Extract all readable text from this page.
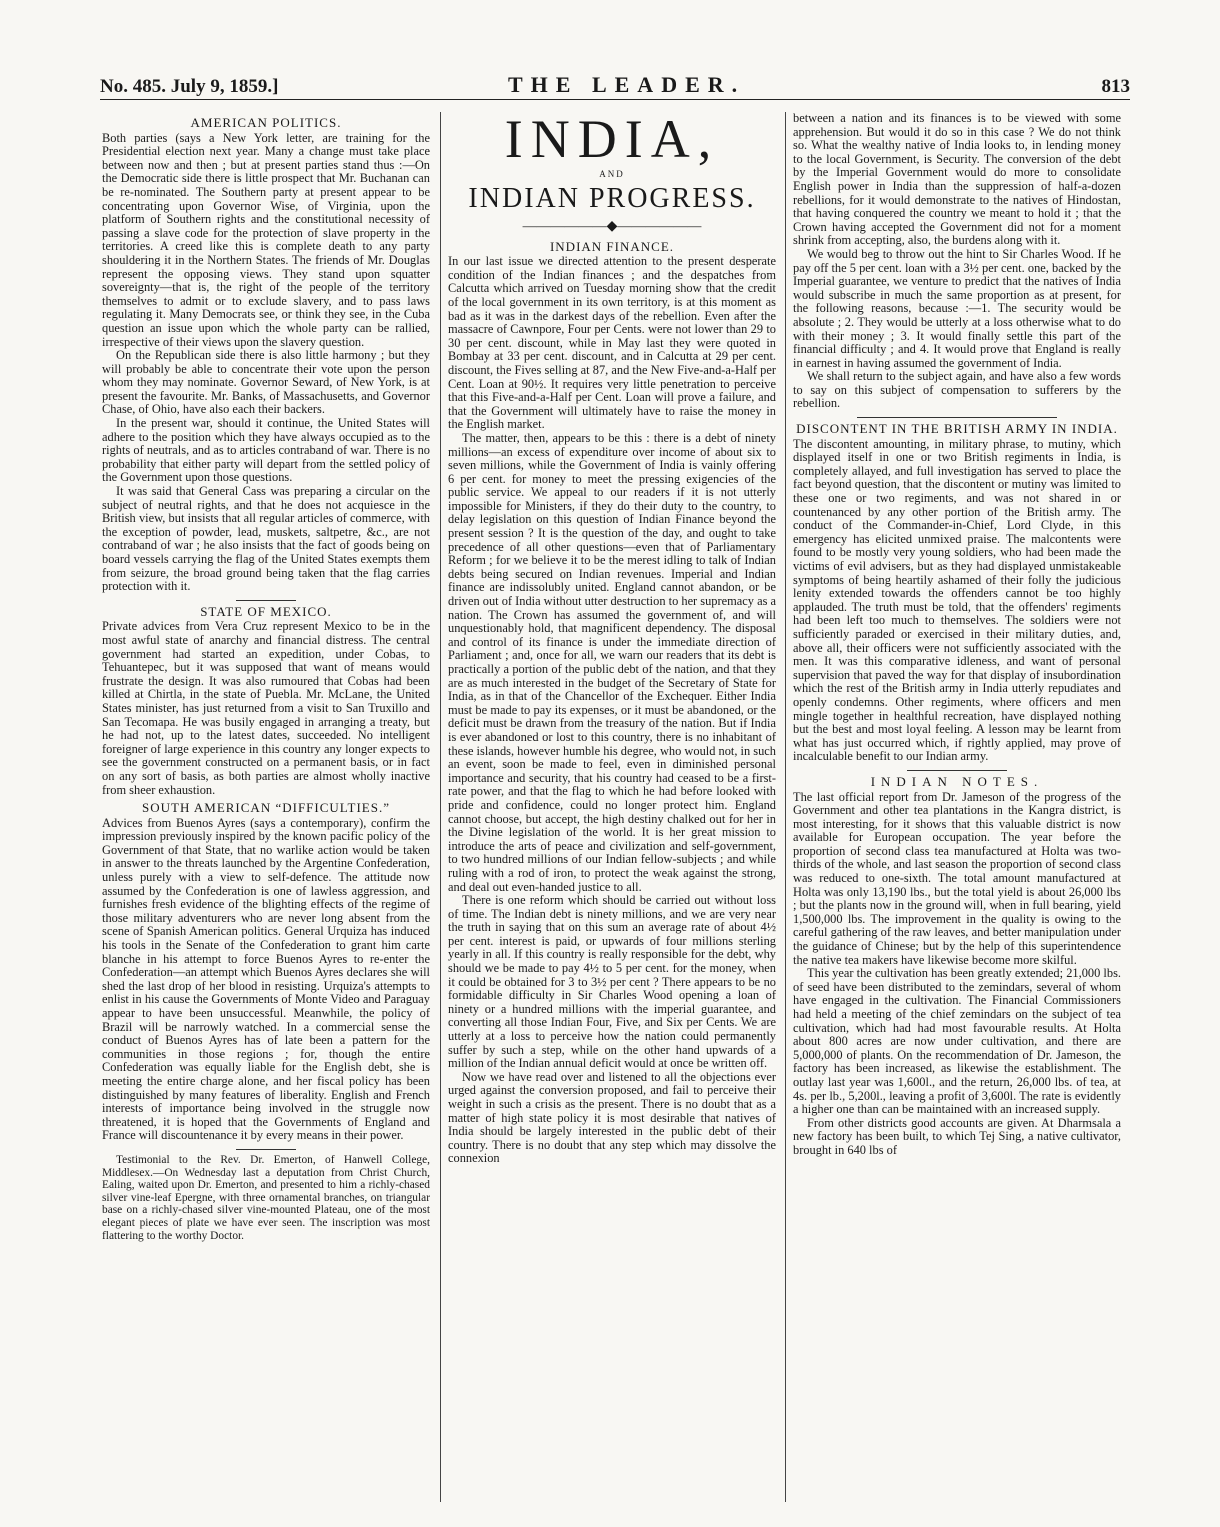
No. 485. July 9, 1859.]	THE LEADER.	813
AMERICAN POLITICS.

Both parties (says a New York letter, are training for the Presidential election next year. Many a change must take place between now and then ; but at present parties stand thus :—On the Democratic side there is little prospect that Mr. Buchanan can be re-nominated. The Southern party at present appear to be concentrating upon Governor Wise, of Virginia, upon the platform of Southern rights and the constitutional necessity of passing a slave code for the protection of slave property in the territories. A creed like this is complete death to any party shouldering it in the Northern States. The friends of Mr. Douglas represent the opposing views. They stand upon squatter sovereignty—that is, the right of the people of the territory themselves to admit or to exclude slavery, and to pass laws regulating it. Many Democrats see, or think they see, in the Cuba question an issue upon which the whole party can be rallied, irrespective of their views upon the slavery question.

On the Republican side there is also little harmony ; but they will probably be able to concentrate their vote upon the person whom they may nominate. Governor Seward, of New York, is at present the favourite. Mr. Banks, of Massachusetts, and Governor Chase, of Ohio, have also each their backers.

In the present war, should it continue, the United States will adhere to the position which they have always occupied as to the rights of neutrals, and as to articles contraband of war. There is no probability that either party will depart from the settled policy of the Government upon those questions.

It was said that General Cass was preparing a circular on the subject of neutral rights, and that he does not acquiesce in the British view, but insists that all regular articles of commerce, with the exception of powder, lead, muskets, saltpetre, &c., are not contraband of war ; he also insists that the fact of goods being on board vessels carrying the flag of the United States exempts them from seizure, the broad ground being taken that the flag carries protection with it.

STATE OF MEXICO.

Private advices from Vera Cruz represent Mexico to be in the most awful state of anarchy and financial distress. The central government had started an expedition, under Cobas, to Tehuantepec, but it was supposed that want of means would frustrate the design. It was also rumoured that Cobas had been killed at Chirtla, in the state of Puebla. Mr. McLane, the United States minister, has just returned from a visit to San Truxillo and San Tecomapa. He was busily engaged in arranging a treaty, but he had not, up to the latest dates, succeeded. No intelligent foreigner of large experience in this country any longer expects to see the government constructed on a permanent basis, or in fact on any sort of basis, as both parties are almost wholly inactive from sheer exhaustion.

SOUTH AMERICAN “DIFFICULTIES.”

Advices from Buenos Ayres (says a contemporary), confirm the impression previously inspired by the known pacific policy of the Government of that State, that no warlike action would be taken in answer to the threats launched by the Argentine Confederation, unless purely with a view to self-defence. The attitude now assumed by the Confederation is one of lawless aggression, and furnishes fresh evidence of the blighting effects of the regime of those military adventurers who are never long absent from the scene of Spanish American politics. General Urquiza has induced his tools in the Senate of the Confederation to grant him carte blanche in his attempt to force Buenos Ayres to re-enter the Confederation—an attempt which Buenos Ayres declares she will shed the last drop of her blood in resisting. Urquiza's attempts to enlist in his cause the Governments of Monte Video and Paraguay appear to have been unsuccessful. Meanwhile, the policy of Brazil will be narrowly watched. In a commercial sense the conduct of Buenos Ayres has of late been a pattern for the communities in those regions ; for, though the entire Confederation was equally liable for the English debt, she is meeting the entire charge alone, and her fiscal policy has been distinguished by many features of liberality. English and French interests of importance being involved in the struggle now threatened, it is hoped that the Governments of England and France will discountenance it by every means in their power.

Testimonial to the Rev. Dr. Emerton, of Hanwell College, Middlesex.—On Wednesday last a deputation from Christ Church, Ealing, waited upon Dr. Emerton, and presented to him a richly-chased silver vine-leaf Epergne, with three ornamental branches, on triangular base on a richly-chased silver vine-mounted Plateau, one of the most elegant pieces of plate we have ever seen. The inscription was most flattering to the worthy Doctor.

INDIA,
AND
INDIAN PROGRESS.
——————◆——————
INDIAN FINANCE.

In our last issue we directed attention to the present desperate condition of the Indian finances ; and the despatches from Calcutta which arrived on Tuesday morning show that the credit of the local government in its own territory, is at this moment as bad as it was in the darkest days of the rebellion. Even after the massacre of Cawnpore, Four per Cents. were not lower than 29 to 30 per cent. discount, while in May last they were quoted in Bombay at 33 per cent. discount, and in Calcutta at 29 per cent. discount, the Fives selling at 87, and the New Five-and-a-Half per Cent. Loan at 90½. It requires very little penetration to perceive that this Five-and-a-Half per Cent. Loan will prove a failure, and that the Government will ultimately have to raise the money in the English market.

The matter, then, appears to be this : there is a debt of ninety millions—an excess of expenditure over income of about six to seven millions, while the Government of India is vainly offering 6 per cent. for money to meet the pressing exigencies of the public service. We appeal to our readers if it is not utterly impossible for Ministers, if they do their duty to the country, to delay legislation on this question of Indian Finance beyond the present session ? It is the question of the day, and ought to take precedence of all other questions—even that of Parliamentary Reform ; for we believe it to be the merest idling to talk of Indian debts being secured on Indian revenues. Imperial and Indian finance are indissolubly united. England cannot abandon, or be driven out of India without utter destruction to her supremacy as a nation. The Crown has assumed the government of, and will unquestionably hold, that magnificent dependency. The disposal and control of its finance is under the immediate direction of Parliament ; and, once for all, we warn our readers that its debt is practically a portion of the public debt of the nation, and that they are as much interested in the budget of the Secretary of State for India, as in that of the Chancellor of the Exchequer. Either India must be made to pay its expenses, or it must be abandoned, or the deficit must be drawn from the treasury of the nation. But if India is ever abandoned or lost to this country, there is no inhabitant of these islands, however humble his degree, who would not, in such an event, soon be made to feel, even in diminished personal importance and security, that his country had ceased to be a first-rate power, and that the flag to which he had before looked with pride and confidence, could no longer protect him. England cannot choose, but accept, the high destiny chalked out for her in the Divine legislation of the world. It is her great mission to introduce the arts of peace and civilization and self-government, to two hundred millions of our Indian fellow-subjects ; and while ruling with a rod of iron, to protect the weak against the strong, and deal out even-handed justice to all.

There is one reform which should be carried out without loss of time. The Indian debt is ninety millions, and we are very near the truth in saying that on this sum an average rate of about 4½ per cent. interest is paid, or upwards of four millions sterling yearly in all. If this country is really responsible for the debt, why should we be made to pay 4½ to 5 per cent. for the money, when it could be obtained for 3 to 3½ per cent ? There appears to be no formidable difficulty in Sir Charles Wood opening a loan of ninety or a hundred millions with the imperial guarantee, and converting all those Indian Four, Five, and Six per Cents. We are utterly at a loss to perceive how the nation could permanently suffer by such a step, while on the other hand upwards of a million of the Indian annual deficit would at once be written off.

Now we have read over and listened to all the objections ever urged against the conversion proposed, and fail to perceive their weight in such a crisis as the present. There is no doubt that as a matter of high state policy it is most desirable that natives of India should be largely interested in the public debt of their country. There is no doubt that any step which may dissolve the connexion

between a nation and its finances is to be viewed with some apprehension. But would it do so in this case ? We do not think so. What the wealthy native of India looks to, in lending money to the local Government, is Security. The conversion of the debt by the Imperial Government would do more to consolidate English power in India than the suppression of half-a-dozen rebellions, for it would demonstrate to the natives of Hindostan, that having conquered the country we meant to hold it ; that the Crown having accepted the Government did not for a moment shrink from accepting, also, the burdens along with it.

We would beg to throw out the hint to Sir Charles Wood. If he pay off the 5 per cent. loan with a 3½ per cent. one, backed by the Imperial guarantee, we venture to predict that the natives of India would subscribe in much the same proportion as at present, for the following reasons, because :—1. The security would be absolute ; 2. They would be utterly at a loss otherwise what to do with their money ; 3. It would finally settle this part of the financial difficulty ; and 4. It would prove that England is really in earnest in having assumed the government of India.

We shall return to the subject again, and have also a few words to say on this subject of compensation to sufferers by the rebellion.

DISCONTENT IN THE BRITISH ARMY IN INDIA.

The discontent amounting, in military phrase, to mutiny, which displayed itself in one or two British regiments in India, is completely allayed, and full investigation has served to place the fact beyond question, that the discontent or mutiny was limited to these one or two regiments, and was not shared in or countenanced by any other portion of the British army. The conduct of the Commander-in-Chief, Lord Clyde, in this emergency has elicited unmixed praise. The malcontents were found to be mostly very young soldiers, who had been made the victims of evil advisers, but as they had displayed unmistakeable symptoms of being heartily ashamed of their folly the judicious lenity extended towards the offenders cannot be too highly applauded. The truth must be told, that the offenders' regiments had been left too much to themselves. The soldiers were not sufficiently paraded or exercised in their military duties, and, above all, their officers were not sufficiently associated with the men. It was this comparative idleness, and want of personal supervision that paved the way for that display of insubordination which the rest of the British army in India utterly repudiates and openly condemns. Other regiments, where officers and men mingle together in healthful recreation, have displayed nothing but the best and most loyal feeling. A lesson may be learnt from what has just occurred which, if rightly applied, may prove of incalculable benefit to our Indian army.

INDIAN NOTES.

The last official report from Dr. Jameson of the progress of the Government and other tea plantations in the Kangra district, is most interesting, for it shows that this valuable district is now available for European occupation. The year before the proportion of second class tea manufactured at Holta was two-thirds of the whole, and last season the proportion of second class was reduced to one-sixth. The total amount manufactured at Holta was only 13,190 lbs., but the total yield is about 26,000 lbs ; but the plants now in the ground will, when in full bearing, yield 1,500,000 lbs. The improvement in the quality is owing to the careful gathering of the raw leaves, and better manipulation under the guidance of Chinese; but by the help of this superintendence the native tea makers have likewise become more skilful.

This year the cultivation has been greatly extended; 21,000 lbs. of seed have been distributed to the zemindars, several of whom have engaged in the cultivation. The Financial Commissioners had held a meeting of the chief zemindars on the subject of tea cultivation, which had had most favourable results. At Holta about 800 acres are now under cultivation, and there are 5,000,000 of plants. On the recommendation of Dr. Jameson, the factory has been increased, as likewise the establishment. The outlay last year was 1,600l., and the return, 26,000 lbs. of tea, at 4s. per lb., 5,200l., leaving a profit of 3,600l. The rate is evidently a higher one than can be maintained with an increased supply.

From other districts good accounts are given. At Dharmsala a new factory has been built, to which Tej Sing, a native cultivator, brought in 640 lbs of
